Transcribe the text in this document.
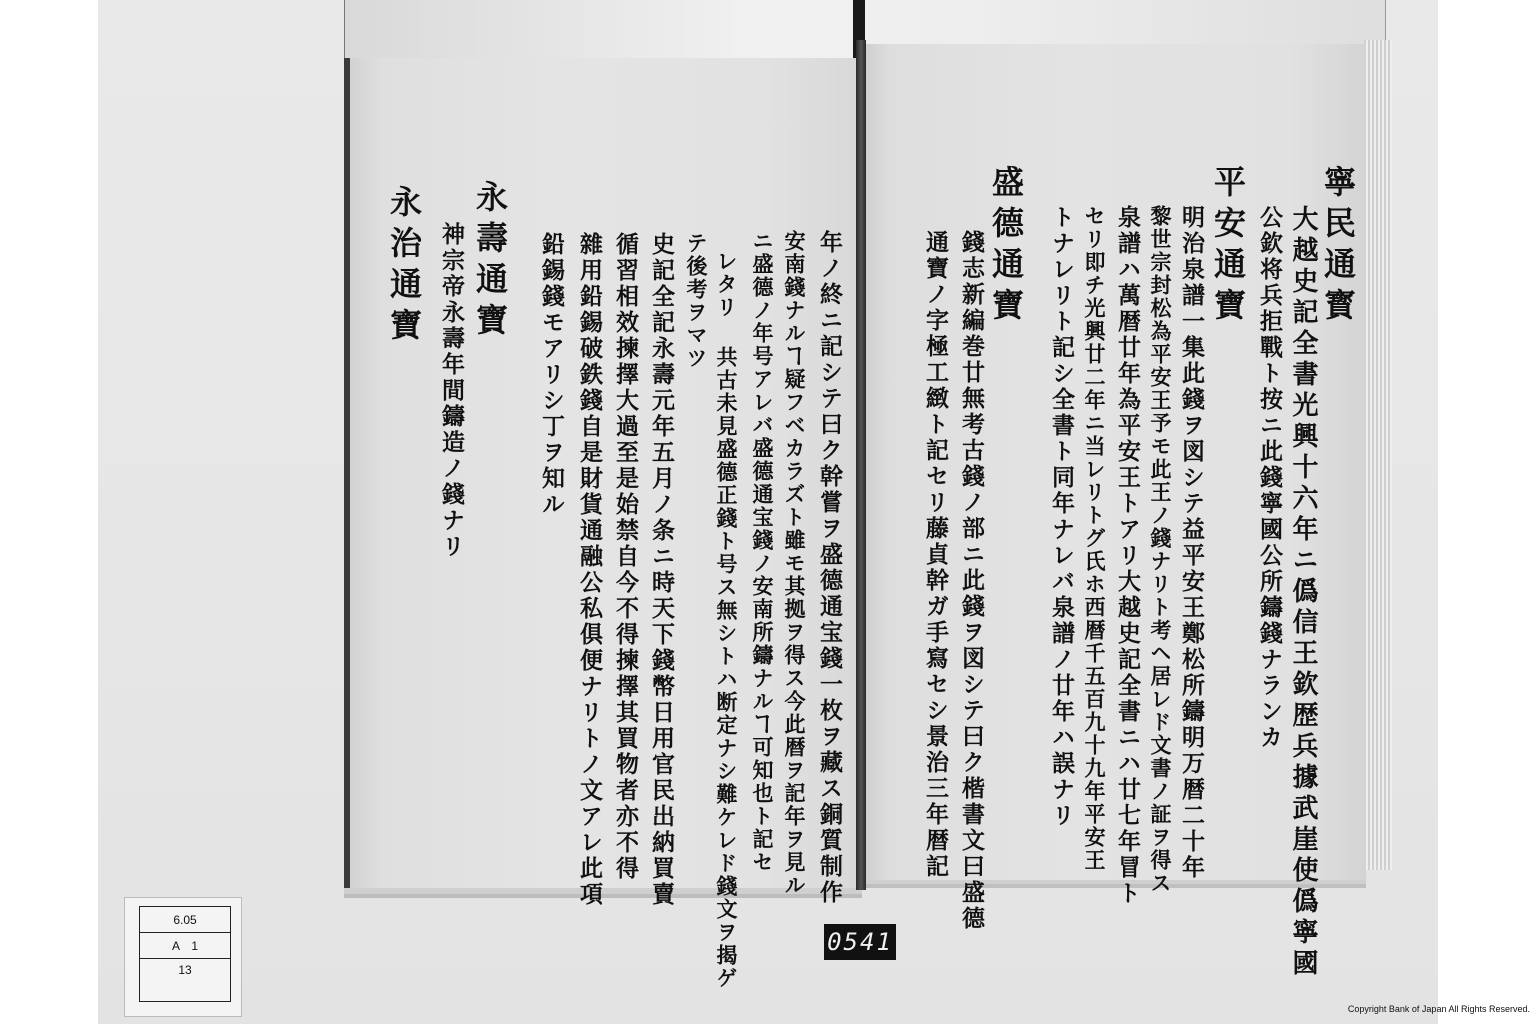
寧民通寳
大越史記全書光興十六年ニ僞信王欽歴兵據武崖使僞寧國
公欽将兵拒戰ト按ニ此錢寧國公所鑄錢ナランカ
平安通寶
明治泉譜一集此錢ヲ図シテ益平安王鄭松所鑄明万暦二十年
黎世宗封松為平安王予モ此王ノ錢ナリト考ヘ居レド文書ノ証ヲ得ス
泉譜ハ萬暦廿年為平安王トアリ大越史記全書ニハ廿七年冒ト
セリ即チ光興廿二年ニ当レリトグ氏ホ西暦千五百九十九年平安王
トナレリト記シ全書ト同年ナレバ泉譜ノ廿年ハ誤ナリ
盛德通寶
錢志新編巻廿無考古錢ノ部ニ此錢ヲ図シテ曰ク楷書文曰盛德
通寶ノ字極工緻ト記セリ藤貞幹ガ手寫セシ景治三年暦記
年ノ終ニ記シテ曰ク幹嘗ヲ盛德通宝錢一枚ヲ藏ス銅質制作
安南錢ナルヿ疑フベカラズト雖モ其拠ヲ得ス今此暦ヲ記年ヲ見ル
ニ盛德ノ年号アレバ盛德通宝錢ノ安南所鑄ナルヿ可知也ト記セ
レタリ 共古未見盛德正錢ト号ス無シトハ断定ナシ難ケレド錢文ヲ揭ゲ
テ後考ヲマツ
史記全記永壽元年五月ノ条ニ時天下錢幣日用官民出納買賣
循習相效揀擇大過至是始禁自今不得揀擇其買物者亦不得
雜用鉛錫破鉄錢自是財貨通融公私俱便ナリトノ文アレ此項
鉛錫錢モアリシ丁ヲ知ル
永壽通寶
神宗帝永壽年間鑄造ノ錢ナリ
永治通寶
6.05
A　1
13
0541
Copyright Bank of Japan All Rights Reserved.
